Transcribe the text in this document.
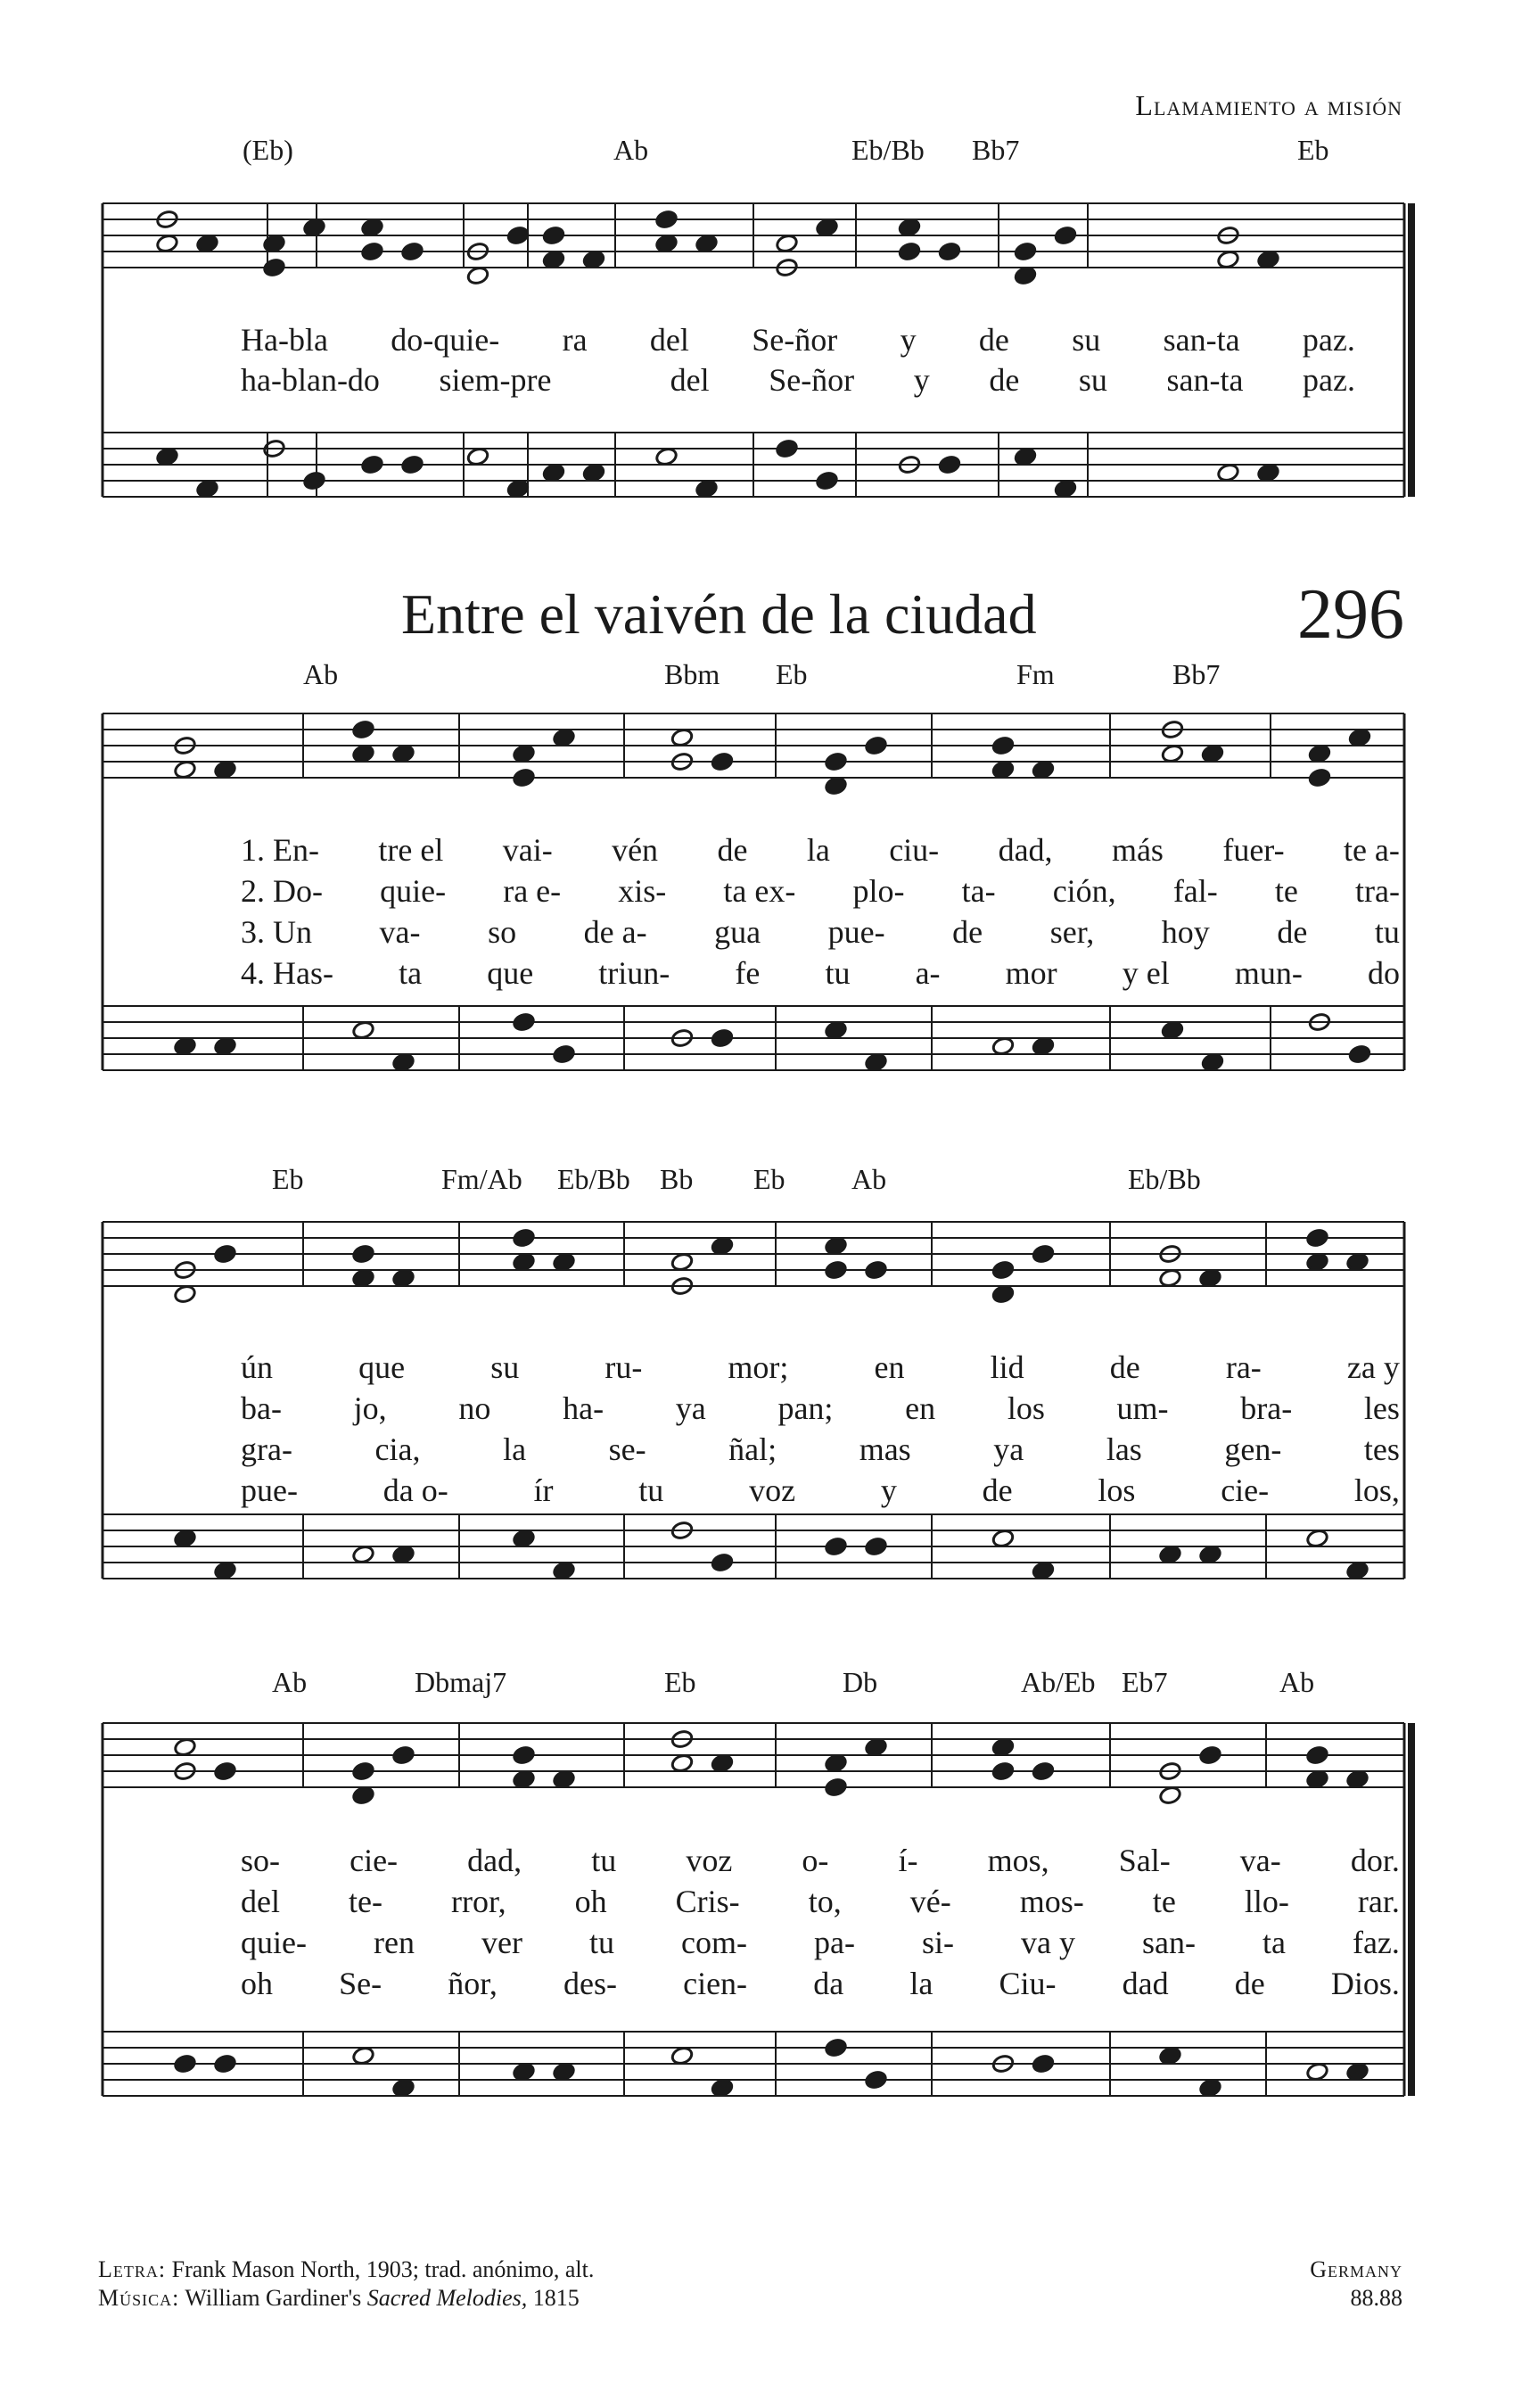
Llamamiento a misión
Entre el vaivén de la ciudad	296
(Eb)	Ab	Eb/Bb Bb7	Eb
Ha-bla do-quie- ra del Se-ñor y de su san-ta paz.
ha-blan-do siem-pre	del Se-ñor y de su san-ta paz.
Ab	Bbm Eb	Fm	Bb7
1. En- tre el vai- vén de la ciu- dad, más fuer- te a-
2. Do- quie- ra e- xis- ta ex- plo- ta- ción, fal- te tra-
3. Un va- so de a- gua pue- de ser, hoy de tu
4. Has- ta que triun- fe tu a- mor y el mun- do
Eb	Fm/Ab Eb/Bb Bb Eb Ab	Eb/Bb
ún	que	su	ru-	mor;	en	lid	de	ra-	za y
ba- jo, no ha- ya pan; en los um- bra- les
gra-	cia,	la	se-	ñal;	mas	ya	las	gen-	tes
pue-	da o-	ír	tu	voz	y	de	los	cie-	los,
Ab	Dbmaj7	Eb	Db	Ab/Eb Eb7	Ab
so- cie- dad, tu voz o- í- mos, Sal- va- dor.
del te- rror, oh Cris- to, vé- mos- te llo- rar.
quie- ren ver tu com- pa- si- va y san- ta faz.
oh Se- ñor, des- cien- da la Ciu- dad de Dios.
Letra: Frank Mason North, 1903; trad. anónimo, alt.
Música: William Gardiner's Sacred Melodies, 1815
Germany
88.88
